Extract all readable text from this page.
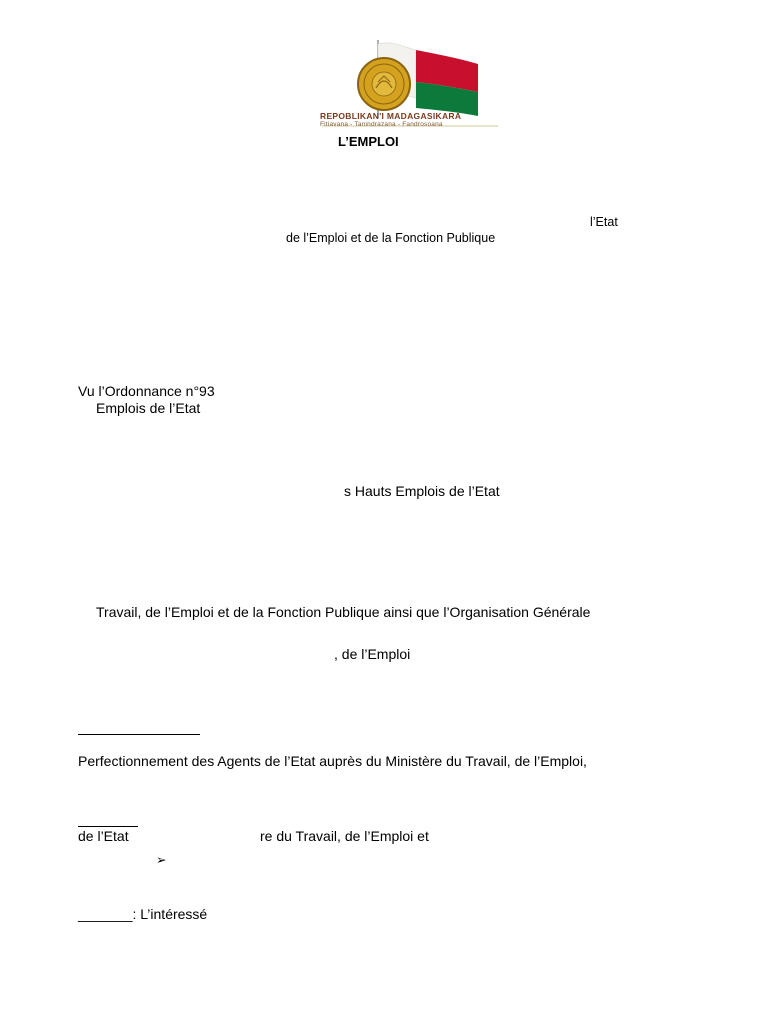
REPOBLIKAN'I MADAGASIKARA
Fitiavana - Tanindrazana - Fandrosoana
L’EMPLOI
l’Etat
de l’Emploi et de la Fonction Publique
Vu l’Ordonnance n°93
Emplois de l’Etat
s Hauts Emplois de l’Etat
Travail, de l’Emploi et de la Fonction Publique ainsi que l’Organisation Générale
, de l’Emploi
Perfectionnement des Agents de l’Etat auprès du Ministère du Travail, de l’Emploi,
de l’Etat	re du Travail, de l’Emploi et
➢
_______: L’intéressé
